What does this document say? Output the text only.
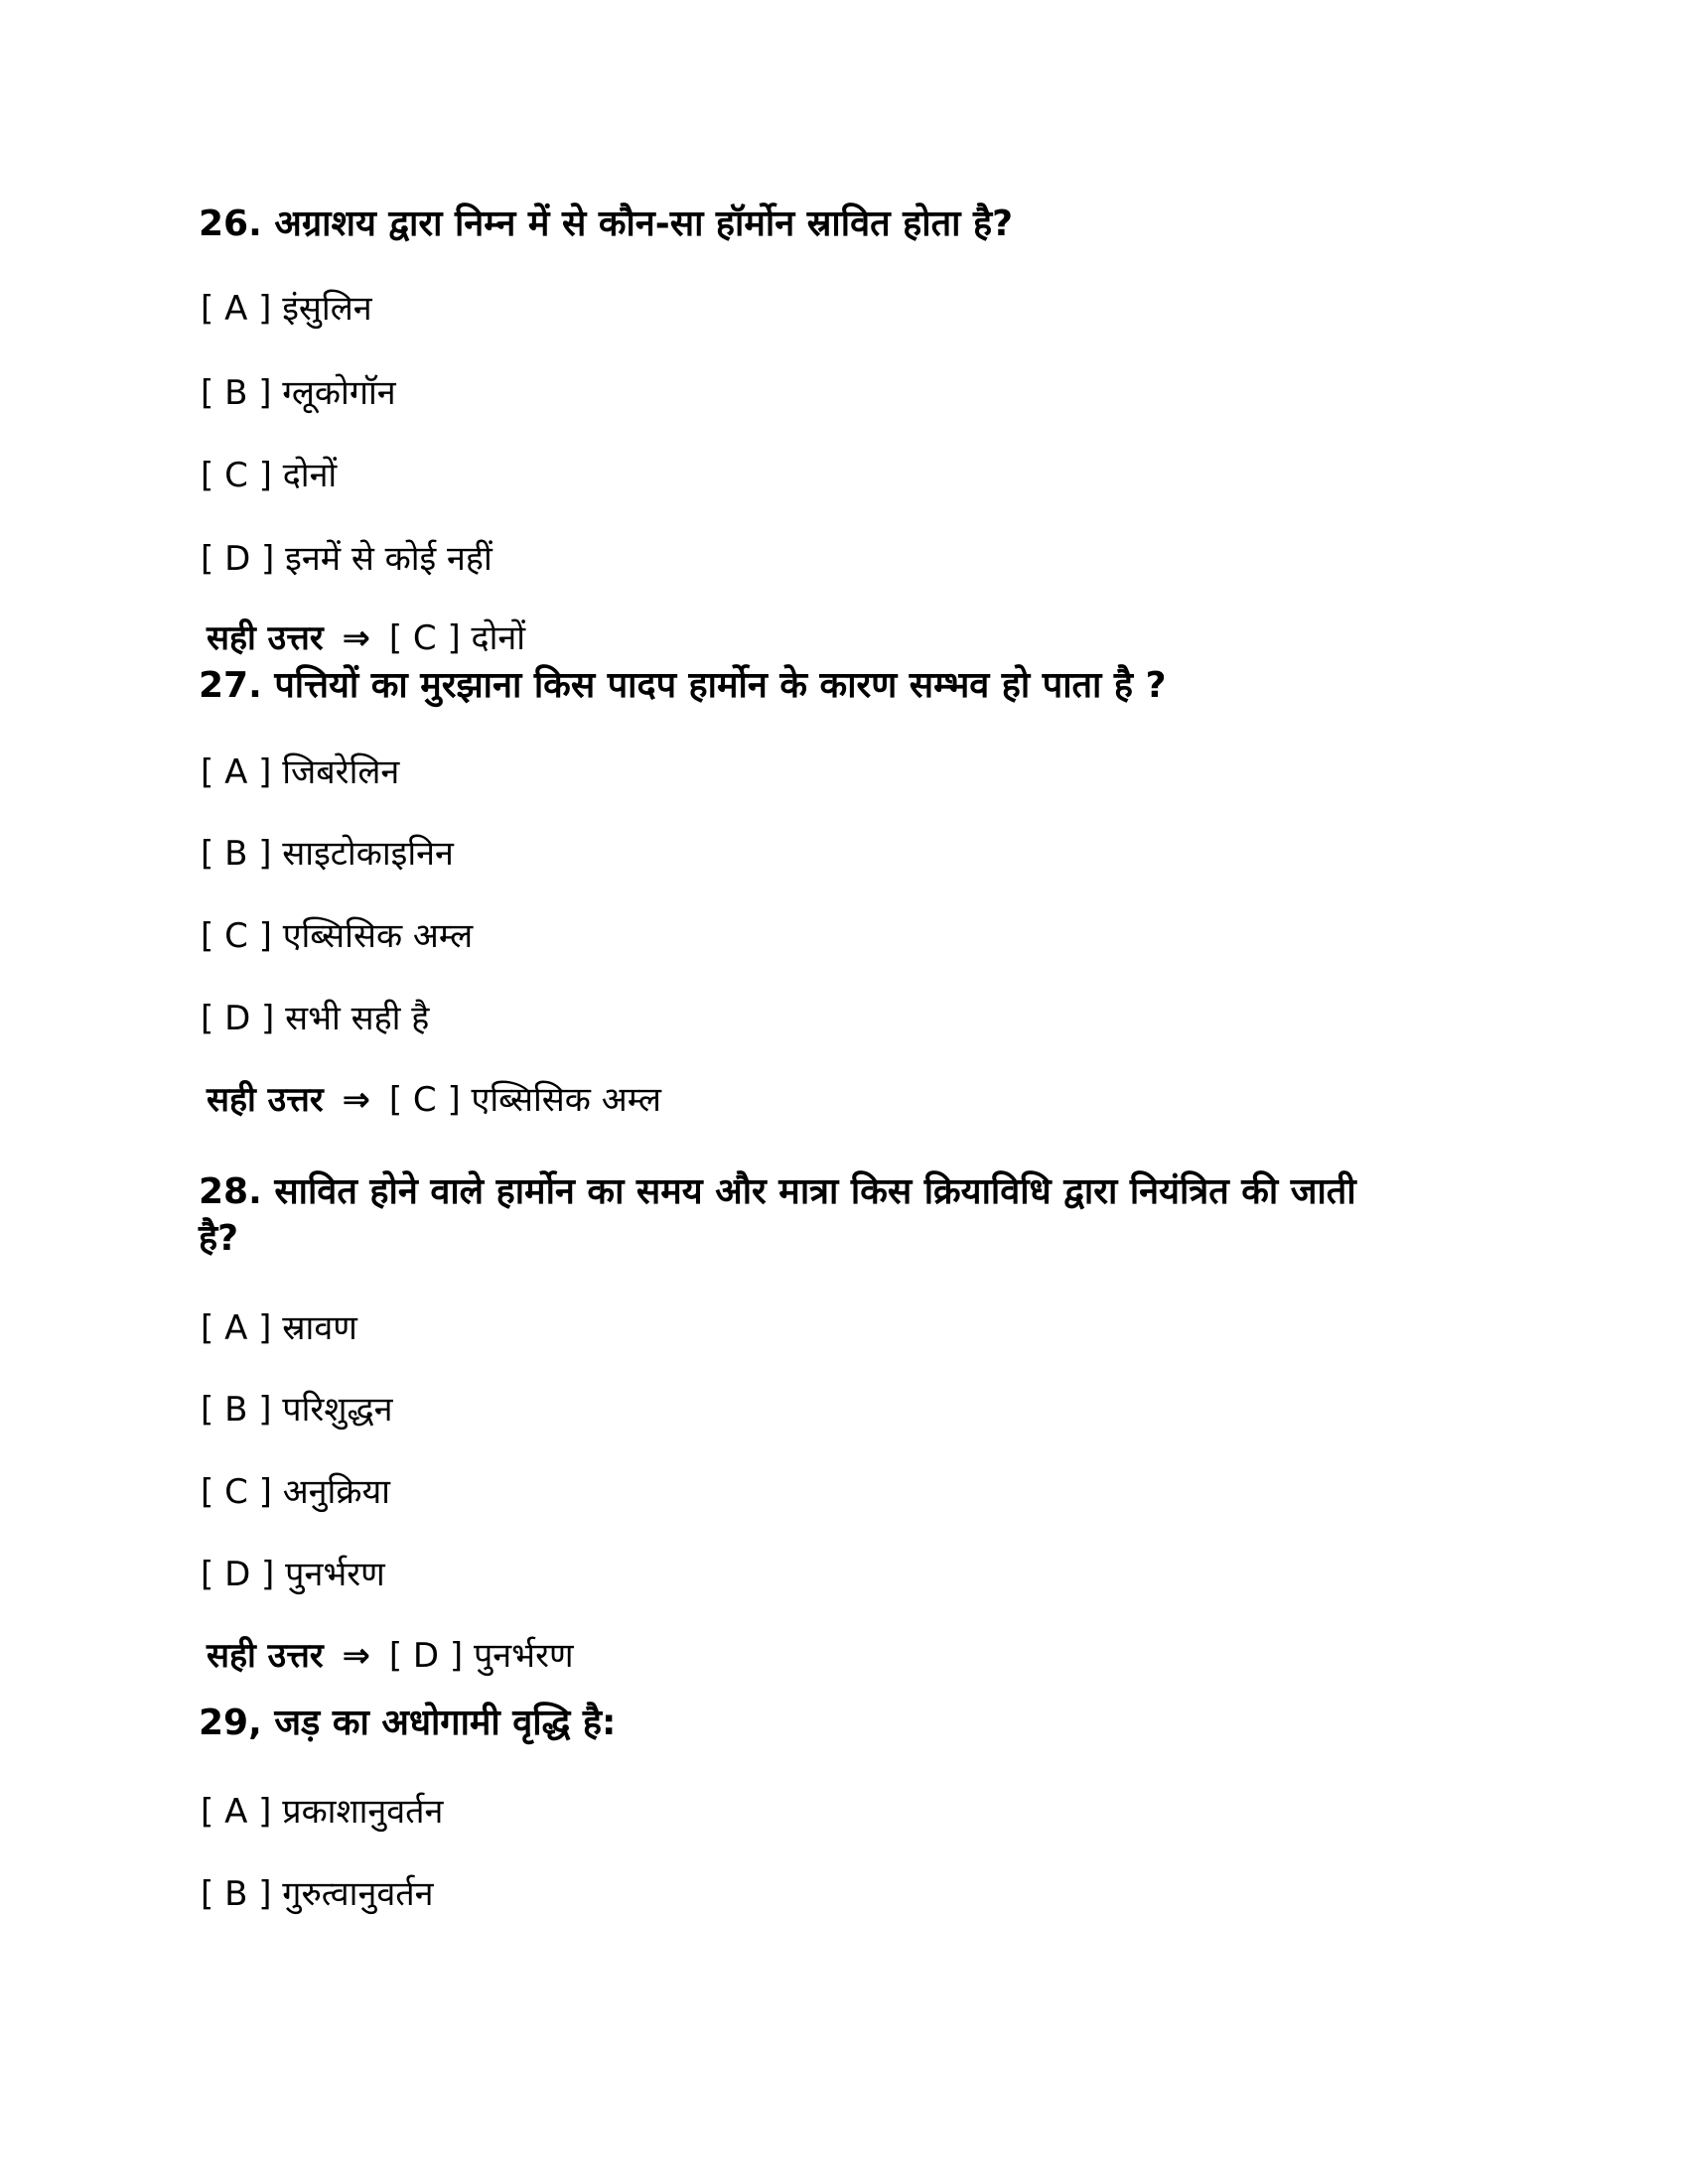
26. अग्राशय द्वारा निम्न में से कौन-सा हॉर्मोन स्रावित होता है?
[ A ] इंसुलिन
[ B ] ग्लूकोगॉन
[ C ] दोनों
[ D ] इनमें से कोई नहीं
सही उत्तर ⇒ [ C ] दोनों
27. पत्तियों का मुरझाना किस पादप हार्मोन के कारण सम्भव हो पाता है ?
[ A ] जिबरेलिन
[ B ] साइटोकाइनिन
[ C ] एब्सिसिक अम्ल
[ D ] सभी सही है
सही उत्तर ⇒ [ C ] एब्सिसिक अम्ल
28. सावित होने वाले हार्मोन का समय और मात्रा किस क्रियाविधि द्वारा नियंत्रित की जाती
है?
[ A ] स्रावण
[ B ] परिशुद्धन
[ C ] अनुक्रिया
[ D ] पुनर्भरण
सही उत्तर ⇒ [ D ] पुनर्भरण
29, जड़ का अधोगामी वृद्धि है:
[ A ] प्रकाशानुवर्तन
[ B ] गुरुत्वानुवर्तन
